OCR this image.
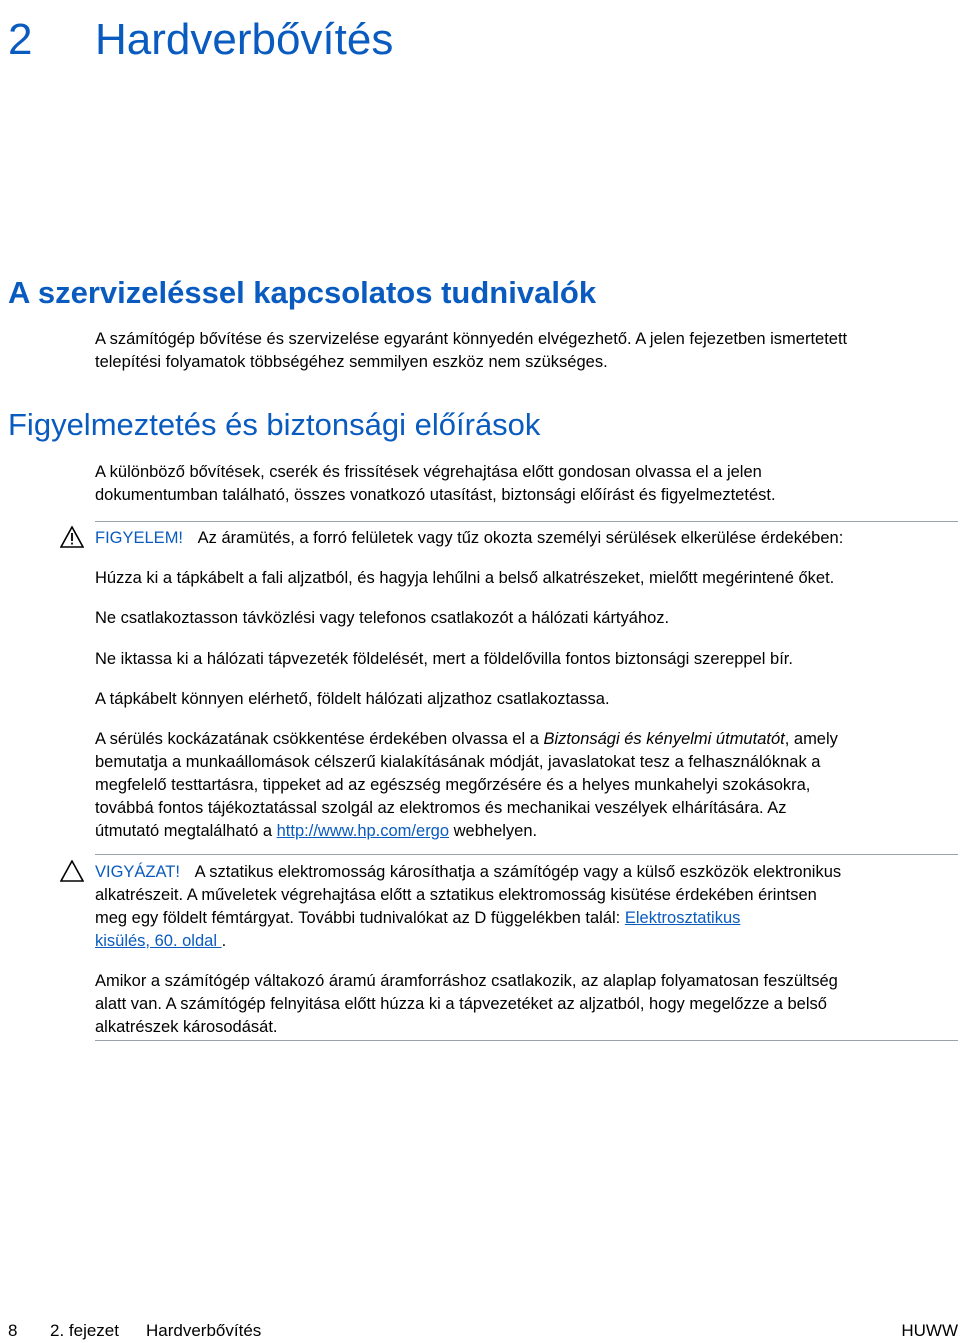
2 Hardverbővítés
A szervizeléssel kapcsolatos tudnivalók
A számítógép bővítése és szervizelése egyaránt könnyedén elvégezhető. A jelen fejezetben ismertetett
telepítési folyamatok többségéhez semmilyen eszköz nem szükséges.
Figyelmeztetés és biztonsági előírások
A különböző bővítések, cserék és frissítések végrehajtása előtt gondosan olvassa el a jelen
dokumentumban található, összes vonatkozó utasítást, biztonsági előírást és figyelmeztetést.
FIGYELEM! Az áramütés, a forró felületek vagy tűz okozta személyi sérülések elkerülése érdekében:
Húzza ki a tápkábelt a fali aljzatból, és hagyja lehűlni a belső alkatrészeket, mielőtt megérintené őket.
Ne csatlakoztasson távközlési vagy telefonos csatlakozót a hálózati kártyához.
Ne iktassa ki a hálózati tápvezeték földelését, mert a földelővilla fontos biztonsági szereppel bír.
A tápkábelt könnyen elérhető, földelt hálózati aljzathoz csatlakoztassa.
A sérülés kockázatának csökkentése érdekében olvassa el a Biztonsági és kényelmi útmutatót, amely
bemutatja a munkaállomások célszerű kialakításának módját, javaslatokat tesz a felhasználóknak a
megfelelő testtartásra, tippeket ad az egészség megőrzésére és a helyes munkahelyi szokásokra,
továbbá fontos tájékoztatással szolgál az elektromos és mechanikai veszélyek elhárítására. Az
útmutató megtalálható a http://www.hp.com/ergo webhelyen.
VIGYÁZAT! A sztatikus elektromosság károsíthatja a számítógép vagy a külső eszközök elektronikus
alkatrészeit. A műveletek végrehajtása előtt a sztatikus elektromosság kisütése érdekében érintsen
meg egy földelt fémtárgyat. További tudnivalókat az D függelékben talál: Elektrosztatikus
kisülés, 60. oldal .
Amikor a számítógép váltakozó áramú áramforráshoz csatlakozik, az alaplap folyamatosan feszültség
alatt van. A számítógép felnyitása előtt húzza ki a tápvezetéket az aljzatból, hogy megelőzze a belső
alkatrészek károsodását.
8 2. fejezet Hardverbővítés	HUWW
